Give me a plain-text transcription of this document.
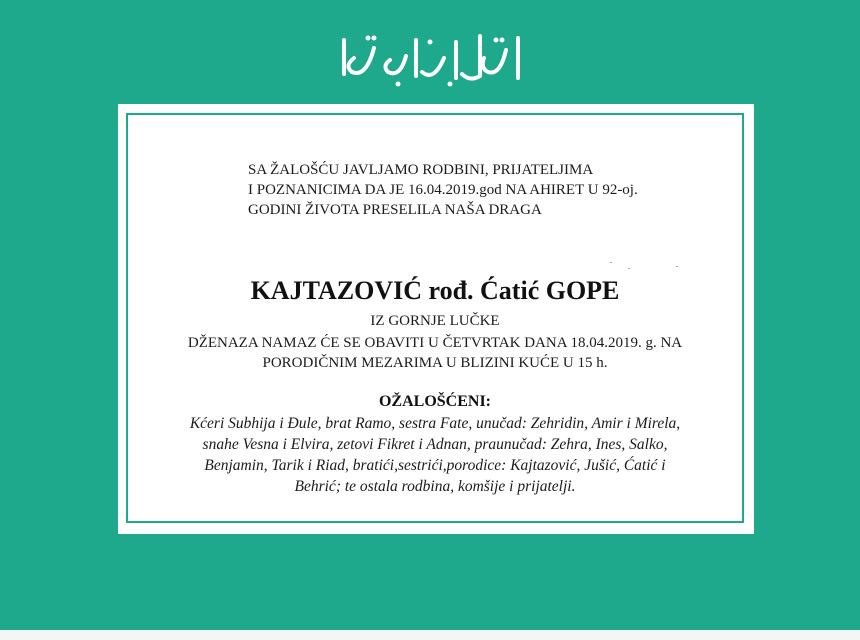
SA ŽALOŠĆU JAVLJAMO RODBINI, PRIJATELJIMA
I POZNANICIMA DA JE 16.04.2019.god NA AHIRET U 92-oj.
GODINI ŽIVOTA PRESELILA NAŠA DRAGA
KAJTAZOVIĆ rođ. Ćatić GOPE
IZ GORNJE LUČKE
DŽENAZA NAMAZ ĆE SE OBAVITI U ČETVRTAK DANA 18.04.2019. g. NA
PORODIČNIM MEZARIMA U BLIZINI KUĆE U 15 h.
OŽALOŠĆENI:
Kćeri Subhija i Đule, brat Ramo, sestra Fate, unučad: Zehridin, Amir i Mirela,
snahe Vesna i Elvira, zetovi Fikret i Adnan, praunučad: Zehra, Ines, Salko,
Benjamin, Tarik i Riad, bratići,sestrići,porodice: Kajtazović, Jušić, Ćatić i
Behrić; te ostala rodbina, komšije i prijatelji.
